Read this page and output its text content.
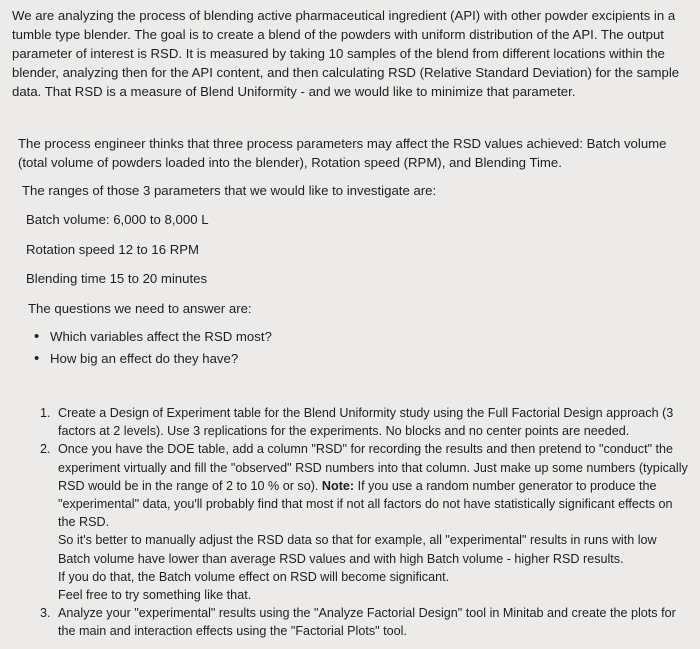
We are analyzing the process of blending active pharmaceutical ingredient (API) with other powder excipients in a tumble type blender. The goal is to create a blend of the powders with uniform distribution of the API. The output parameter of interest is RSD. It is measured by taking 10 samples of the blend from different locations within the blender, analyzing then for the API content, and then calculating RSD (Relative Standard Deviation) for the sample data. That RSD is a measure of Blend Uniformity - and we would like to minimize that parameter.

The process engineer thinks that three process parameters may affect the RSD values achieved: Batch volume (total volume of powders loaded into the blender), Rotation speed (RPM), and Blending Time.

The ranges of those 3 parameters that we would like to investigate are:
Batch volume: 6,000 to 8,000 L
Rotation speed 12 to 16 RPM
Blending time 15 to 20 minutes
The questions we need to answer are:
• Which variables affect the RSD most?
• How big an effect do they have?
1. Create a Design of Experiment table for the Blend Uniformity study using the Full Factorial Design approach (3 factors at 2 levels). Use 3 replications for the experiments. No blocks and no center points are needed.
2. Once you have the DOE table, add a column "RSD" for recording the results and then pretend to "conduct" the experiment virtually and fill the "observed" RSD numbers into that column. Just make up some numbers (typically RSD would be in the range of 2 to 10 % or so). Note: If you use a random number generator to produce the "experimental" data, you'll probably find that most if not all factors do not have statistically significant effects on the RSD.
So it's better to manually adjust the RSD data so that for example, all "experimental" results in runs with low Batch volume have lower than average RSD values and with high Batch volume - higher RSD results.
If you do that, the Batch volume effect on RSD will become significant.
Feel free to try something like that.
3. Analyze your "experimental" results using the "Analyze Factorial Design" tool in Minitab and create the plots for the main and interaction effects using the "Factorial Plots" tool.
